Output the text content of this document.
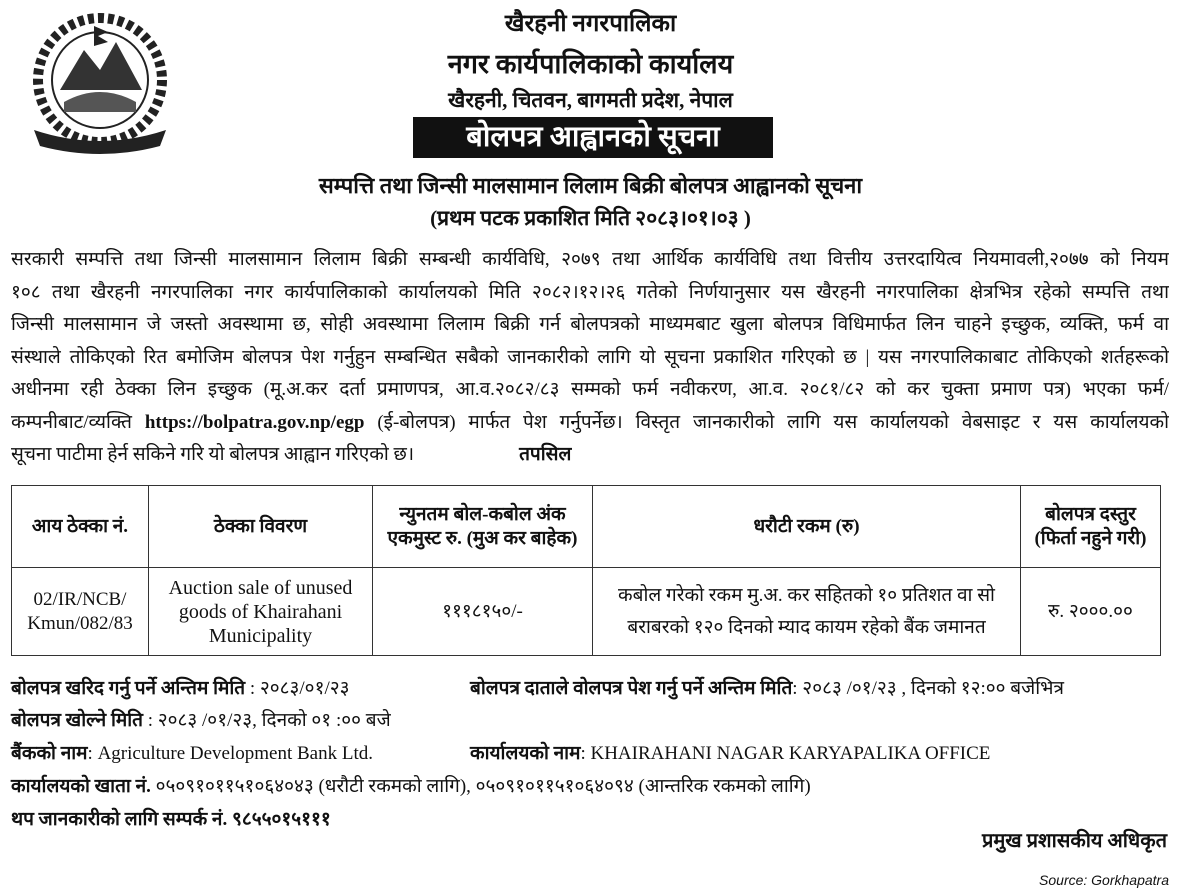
खैरहनी नगरपालिका
नगर कार्यपालिकाको कार्यालय
खैरहनी, चितवन, बागमती प्रदेश, नेपाल
बोलपत्र आह्वानको सूचना
सम्पत्ति तथा जिन्सी मालसामान लिलाम बिक्री बोलपत्र आह्वानको सूचना
(प्रथम पटक प्रकाशित मिति २०८३।०१।०३ )
सरकारी सम्पत्ति तथा जिन्सी मालसामान लिलाम बिक्री सम्बन्धी कार्यविधि, २०७९ तथा आर्थिक कार्यविधि तथा वित्तीय उत्तरदायित्व नियमावली,२०७७ को नियम
१०८ तथा खैरहनी नगरपालिका नगर कार्यपालिकाको कार्यालयको मिति २०८२।१२।२६ गतेको निर्णयानुसार यस खैरहनी नगरपालिका क्षेत्रभित्र रहेको सम्पत्ति तथा
जिन्सी मालसामान जे जस्तो अवस्थामा छ, सोही अवस्थामा लिलाम बिक्री गर्न बोलपत्रको माध्यमबाट खुला बोलपत्र विधिमार्फत लिन चाहने इच्छुक, व्यक्ति, फर्म वा
संस्थाले तोकिएको रित बमोजिम बोलपत्र पेश गर्नुहुन सम्बन्धित सबैको जानकारीको लागि यो सूचना प्रकाशित गरिएको छ | यस नगरपालिकाबाट तोकिएको शर्तहरूको
अधीनमा रही ठेक्का लिन इच्छुक (मू.अ.कर दर्ता प्रमाणपत्र, आ.व.२०८२/८३ सम्मको फर्म नवीकरण, आ.व. २०८१/८२ को कर चुक्ता प्रमाण पत्र) भएका फर्म/
कम्पनीबाट/व्यक्ति https://bolpatra.gov.np/egp (ई-बोलपत्र) मार्फत पेश गर्नुपर्नेछ। विस्तृत जानकारीको लागि यस कार्यालयको वेबसाइट र यस कार्यालयको
सूचना पाटीमा हेर्न सकिने गरि यो बोलपत्र आह्वान गरिएको छ।	तपसिल
आय ठेक्का नं.	ठेक्का विवरण	न्युनतम बोल-कबोल अंक एकमुस्ट रु. (मुअ कर बाहेक)	धरौटी रकम (रु)	बोलपत्र दस्तुर (फिर्ता नहुने गरी)
02/IR/NCB/ Kmun/082/83	Auction sale of unused goods of Khairahani Municipality	१११८१५०/-	कबोल गरेको रकम मु.अ. कर सहितको १० प्रतिशत वा सो बराबरको १२० दिनको म्याद कायम रहेको बैंक जमानत	रु. २०००.००
बोलपत्र खरिद गर्नु पर्ने अन्तिम मिति : २०८३/०१/२३	बोलपत्र दाताले वोलपत्र पेश गर्नु पर्ने अन्तिम मिति: २०८३ /०१/२३ , दिनको १२:०० बजेभित्र
बोलपत्र खोल्ने मिति : २०८३ /०१/२३, दिनको ०१ :०० बजे
बैंकको नाम: Agriculture Development Bank Ltd.	कार्यालयको नाम: KHAIRAHANI NAGAR KARYAPALIKA OFFICE
कार्यालयको खाता नं. ०५०९१०११५१०६४०४३ (धरौटी रकमको लागि), ०५०९१०११५१०६४०९४ (आन्तरिक रकमको लागि)
थप जानकारीको लागि सम्पर्क नं. ९८५५०१५१११
प्रमुख प्रशासकीय अधिकृत
Source: Gorkhapatra
